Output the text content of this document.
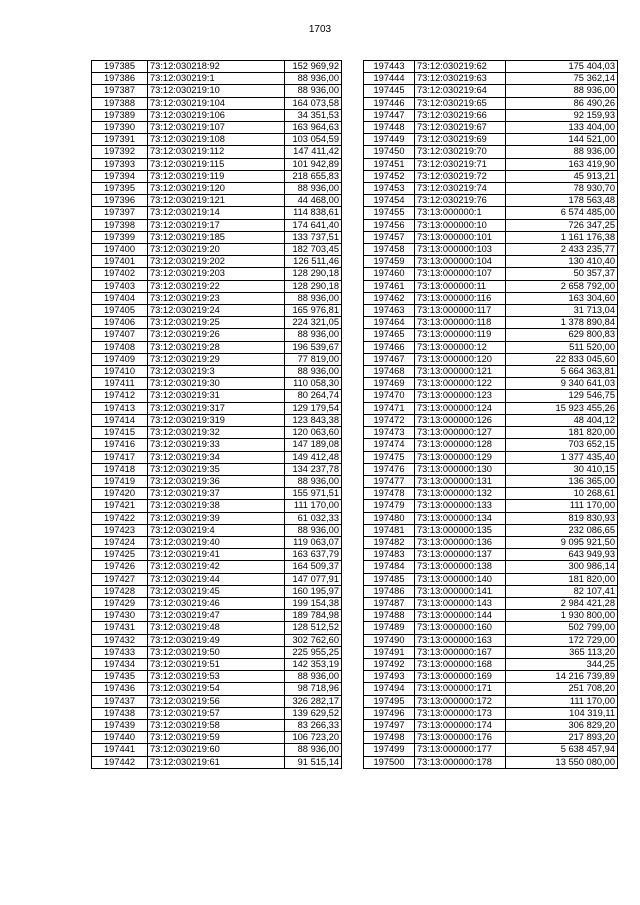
1703
197385	73:12:030218:92	152 969,92
197386	73:12:030219:1	88 936,00
197387	73:12:030219:10	88 936,00
197388	73:12:030219:104	164 073,58
197389	73:12:030219:106	34 351,53
197390	73:12:030219:107	163 964,63
197391	73:12:030219:108	103 054,59
197392	73:12:030219:112	147 411,42
197393	73:12:030219:115	101 942,89
197394	73:12:030219:119	218 655,83
197395	73:12:030219:120	88 936,00
197396	73:12:030219:121	44 468,00
197397	73:12:030219:14	114 838,61
197398	73:12:030219:17	174 641,40
197399	73:12:030219:185	133 737,51
197400	73:12:030219:20	182 703,45
197401	73:12:030219:202	126 511,46
197402	73:12:030219:203	128 290,18
197403	73:12:030219:22	128 290,18
197404	73:12:030219:23	88 936,00
197405	73:12:030219:24	165 976,81
197406	73:12:030219:25	224 321,05
197407	73:12:030219:26	88 936,00
197408	73:12:030219:28	196 539,67
197409	73:12:030219:29	77 819,00
197410	73:12:030219:3	88 936,00
197411	73:12:030219:30	110 058,30
197412	73:12:030219:31	80 264,74
197413	73:12:030219:317	129 179,54
197414	73:12:030219:319	123 843,38
197415	73:12:030219:32	120 063,60
197416	73:12:030219:33	147 189,08
197417	73:12:030219:34	149 412,48
197418	73:12:030219:35	134 237,78
197419	73:12:030219:36	88 936,00
197420	73:12:030219:37	155 971,51
197421	73:12:030219:38	111 170,00
197422	73:12:030219:39	61 032,33
197423	73:12:030219:4	88 936,00
197424	73:12:030219:40	119 063,07
197425	73:12:030219:41	163 637,79
197426	73:12:030219:42	164 509,37
197427	73:12:030219:44	147 077,91
197428	73:12:030219:45	160 195,97
197429	73:12:030219:46	199 154,38
197430	73:12:030219:47	189 784,98
197431	73:12:030219:48	128 512,52
197432	73:12:030219:49	302 762,60
197433	73:12:030219:50	225 955,25
197434	73:12:030219:51	142 353,19
197435	73:12:030219:53	88 936,00
197436	73:12:030219:54	98 718,96
197437	73:12:030219:56	326 282,17
197438	73:12:030219:57	139 629,52
197439	73:12:030219:58	83 266,33
197440	73:12:030219:59	106 723,20
197441	73:12:030219:60	88 936,00
197442	73:12:030219:61	91 515,14
197443	73:12:030219:62	175 404,03
197444	73:12:030219:63	75 362,14
197445	73:12:030219:64	88 936,00
197446	73:12:030219:65	86 490,26
197447	73:12:030219:66	92 159,93
197448	73:12:030219:67	133 404,00
197449	73:12:030219:69	144 521,00
197450	73:12:030219:70	88 936,00
197451	73:12:030219:71	163 419,90
197452	73:12:030219:72	45 913,21
197453	73:12:030219:74	78 930,70
197454	73:12:030219:76	178 563,48
197455	73:13:000000:1	6 574 485,00
197456	73:13:000000:10	726 347,25
197457	73:13:000000:101	1 161 176,38
197458	73:13:000000:103	2 433 235,77
197459	73:13:000000:104	130 410,40
197460	73:13:000000:107	50 357,37
197461	73:13:000000:11	2 658 792,00
197462	73:13:000000:116	163 304,60
197463	73:13:000000:117	31 713,04
197464	73:13:000000:118	1 378 890,84
197465	73:13:000000:119	629 800,83
197466	73:13:000000:12	511 520,00
197467	73:13:000000:120	22 833 045,60
197468	73:13:000000:121	5 664 363,81
197469	73:13:000000:122	9 340 641,03
197470	73:13:000000:123	129 546,75
197471	73:13:000000:124	15 923 455,26
197472	73:13:000000:126	48 404,12
197473	73:13:000000:127	181 820,00
197474	73:13:000000:128	703 652,15
197475	73:13:000000:129	1 377 435,40
197476	73:13:000000:130	30 410,15
197477	73:13:000000:131	136 365,00
197478	73:13:000000:132	10 268,61
197479	73:13:000000:133	111 170,00
197480	73:13:000000:134	819 830,93
197481	73:13:000000:135	232 086,65
197482	73:13:000000:136	9 095 921,50
197483	73:13:000000:137	643 949,93
197484	73:13:000000:138	300 986,14
197485	73:13:000000:140	181 820,00
197486	73:13:000000:141	82 107,41
197487	73:13:000000:143	2 984 421,28
197488	73:13:000000:144	1 930 800,00
197489	73:13:000000:160	502 799,00
197490	73:13:000000:163	172 729,00
197491	73:13:000000:167	365 113,20
197492	73:13:000000:168	344,25
197493	73:13:000000:169	14 216 739,89
197494	73:13:000000:171	251 708,20
197495	73:13:000000:172	111 170,00
197496	73:13:000000:173	104 319,11
197497	73:13:000000:174	306 829,20
197498	73:13:000000:176	217 893,20
197499	73:13:000000:177	5 638 457,94
197500	73:13:000000:178	13 550 080,00
